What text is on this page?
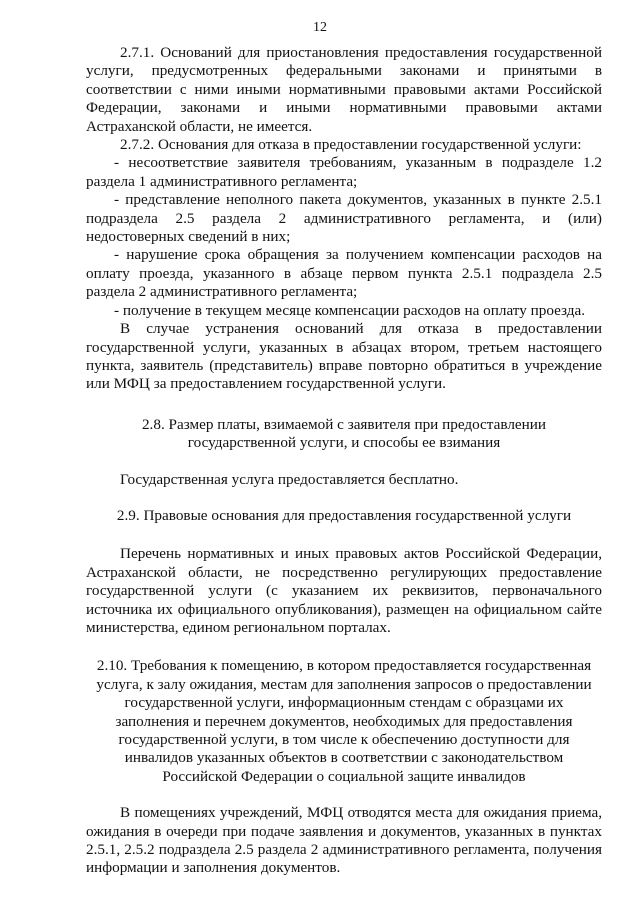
12

2.7.1. Оснований для приостановления предоставления государственной услуги, предусмотренных федеральными законами и принятыми в соответствии с ними иными нормативными правовыми актами Российской Федерации, законами и иными нормативными правовыми актами Астраханской области, не имеется.

2.7.2. Основания для отказа в предоставлении государственной услуги:

- несоответствие заявителя требованиям, указанным в подразделе 1.2 раздела 1 административного регламента;

- представление неполного пакета документов, указанных в пункте 2.5.1 подраздела 2.5 раздела 2 административного регламента, и (или) недостоверных сведений в них;

- нарушение срока обращения за получением компенсации расходов на оплату проезда, указанного в абзаце первом пункта 2.5.1 подраздела 2.5 раздела 2 административного регламента;

- получение в текущем месяце компенсации расходов на оплату проезда.

В случае устранения оснований для отказа в предоставлении государственной услуги, указанных в абзацах втором, третьем настоящего пункта, заявитель (представитель) вправе повторно обратиться в учреждение или МФЦ за предоставлением государственной услуги.

2.8. Размер платы, взимаемой с заявителя при предоставлении государственной услуги, и способы ее взимания

Государственная услуга предоставляется бесплатно.

2.9. Правовые основания для предоставления государственной услуги

Перечень нормативных и иных правовых актов Российской Федерации, Астраханской области, не посредственно регулирующих предоставление государственной услуги (с указанием их реквизитов, первоначального источника их официального опубликования), размещен на официальном сайте министерства, едином региональном порталах.

2.10. Требования к помещению, в котором предоставляется государственная услуга, к залу ожидания, местам для заполнения запросов о предоставлении государственной услуги, информационным стендам с образцами их заполнения и перечнем документов, необходимых для предоставления государственной услуги, в том числе к обеспечению доступности для инвалидов указанных объектов в соответствии с законодательством Российской Федерации о социальной защите инвалидов

В помещениях учреждений, МФЦ отводятся места для ожидания приема, ожидания в очереди при подаче заявления и документов, указанных в пунктах 2.5.1, 2.5.2 подраздела 2.5 раздела 2 административного регламента, получения информации и заполнения документов.
